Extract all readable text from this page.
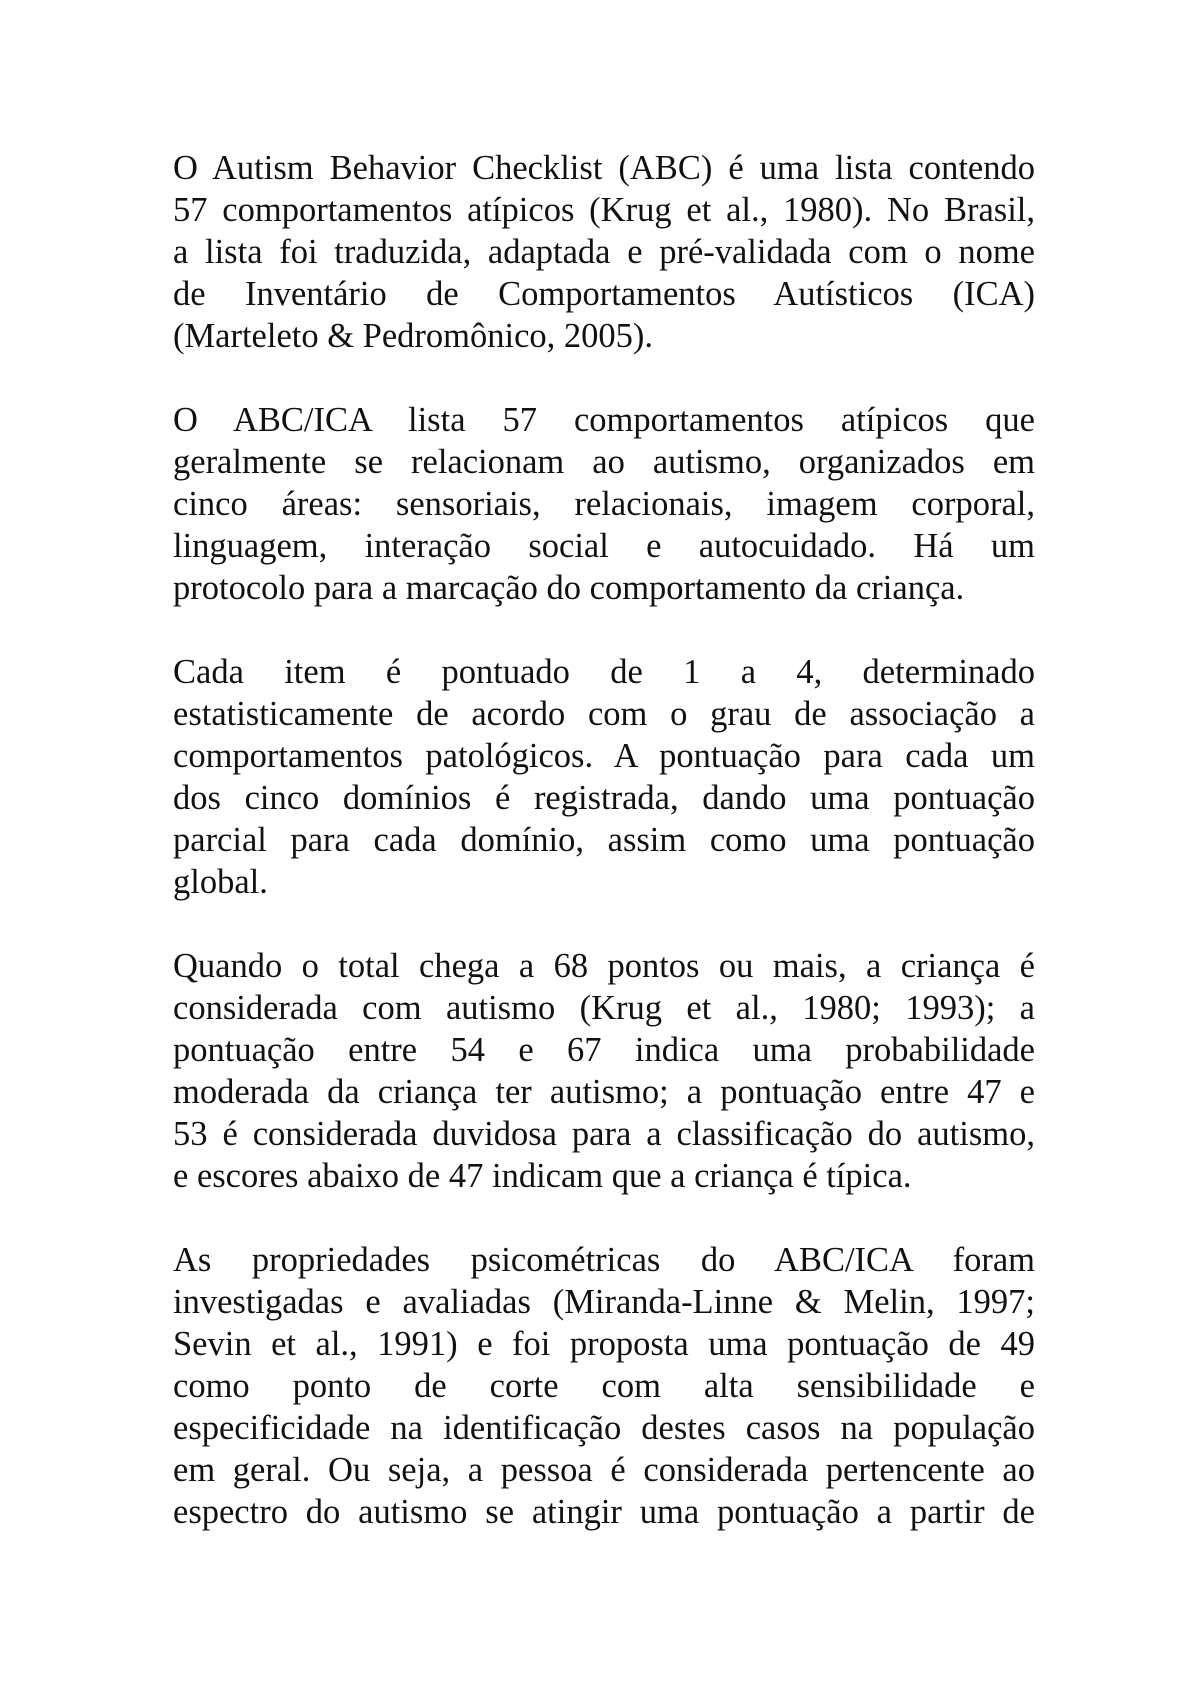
O Autism Behavior Checklist (ABC) é uma lista contendo
57 comportamentos atípicos (Krug et al., 1980). No Brasil,
a lista foi traduzida, adaptada e pré-validada com o nome
de Inventário de Comportamentos Autísticos (ICA)
(Marteleto & Pedromônico, 2005).

O ABC/ICA lista 57 comportamentos atípicos que
geralmente se relacionam ao autismo, organizados em
cinco áreas: sensoriais, relacionais, imagem corporal,
linguagem, interação social e autocuidado. Há um
protocolo para a marcação do comportamento da criança.

Cada item é pontuado de 1 a 4, determinado
estatisticamente de acordo com o grau de associação a
comportamentos patológicos. A pontuação para cada um
dos cinco domínios é registrada, dando uma pontuação
parcial para cada domínio, assim como uma pontuação
global.

Quando o total chega a 68 pontos ou mais, a criança é
considerada com autismo (Krug et al., 1980; 1993); a
pontuação entre 54 e 67 indica uma probabilidade
moderada da criança ter autismo; a pontuação entre 47 e
53 é considerada duvidosa para a classificação do autismo,
e escores abaixo de 47 indicam que a criança é típica.

As propriedades psicométricas do ABC/ICA foram
investigadas e avaliadas (Miranda-Linne & Melin, 1997;
Sevin et al., 1991) e foi proposta uma pontuação de 49
como ponto de corte com alta sensibilidade e
especificidade na identificação destes casos na população
em geral. Ou seja, a pessoa é considerada pertencente ao
espectro do autismo se atingir uma pontuação a partir de
